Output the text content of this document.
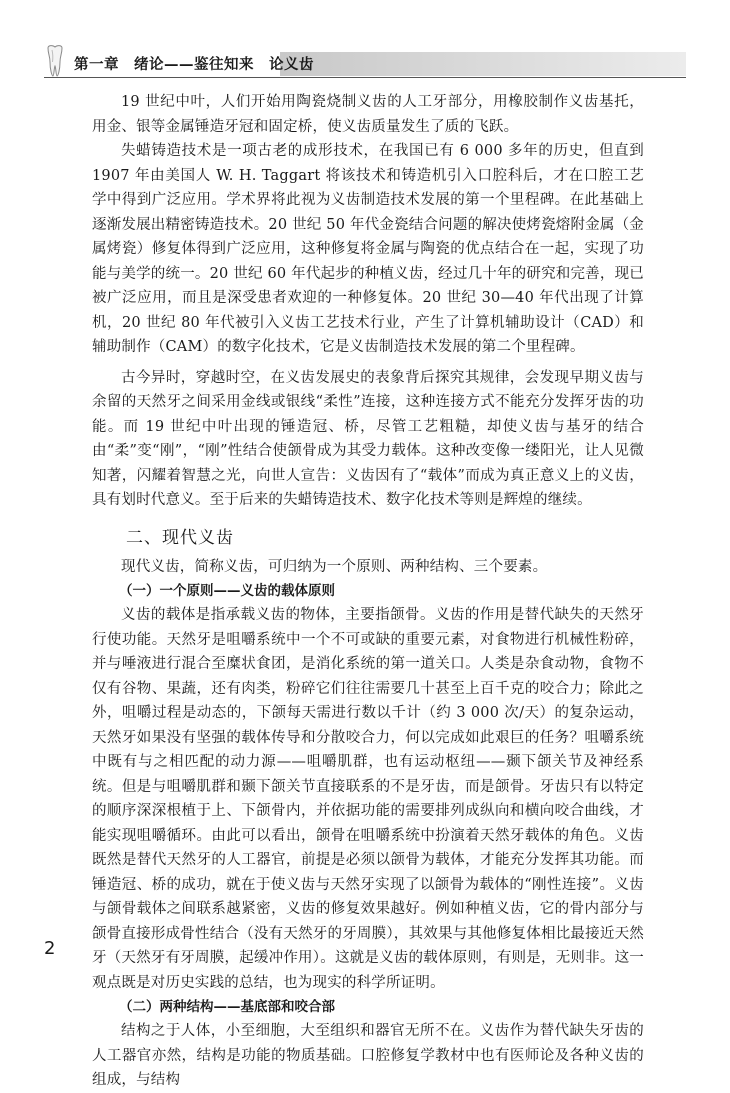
第一章　绪论——鉴往知来　论义齿

19 世纪中叶，人们开始用陶瓷烧制义齿的人工牙部分，用橡胶制作义齿基托，用金、银等金属锤造牙冠和固定桥，使义齿质量发生了质的飞跃。

失蜡铸造技术是一项古老的成形技术，在我国已有 6 000 多年的历史，但直到 1907 年由美国人 W. H. Taggart 将该技术和铸造机引入口腔科后，才在口腔工艺学中得到广泛应用。学术界将此视为义齿制造技术发展的第一个里程碑。在此基础上逐渐发展出精密铸造技术。20 世纪 50 年代金瓷结合问题的解决使烤瓷熔附金属（金属烤瓷）修复体得到广泛应用，这种修复将金属与陶瓷的优点结合在一起，实现了功能与美学的统一。20 世纪 60 年代起步的种植义齿，经过几十年的研究和完善，现已被广泛应用，而且是深受患者欢迎的一种修复体。20 世纪 30—40 年代出现了计算机，20 世纪 80 年代被引入义齿工艺技术行业，产生了计算机辅助设计（CAD）和辅助制作（CAM）的数字化技术，它是义齿制造技术发展的第二个里程碑。

古今异时，穿越时空，在义齿发展史的表象背后探究其规律，会发现早期义齿与余留的天然牙之间采用金线或银线“柔性”连接，这种连接方式不能充分发挥牙齿的功能。而 19 世纪中叶出现的锤造冠、桥，尽管工艺粗糙，却使义齿与基牙的结合由“柔”变“刚”，“刚”性结合使颌骨成为其受力载体。这种改变像一缕阳光，让人见微知著，闪耀着智慧之光，向世人宣告：义齿因有了“载体”而成为真正意义上的义齿，具有划时代意义。至于后来的失蜡铸造技术、数字化技术等则是辉煌的继续。

二、现代义齿

现代义齿，简称义齿，可归纳为一个原则、两种结构、三个要素。

（一）一个原则——义齿的载体原则

义齿的载体是指承载义齿的物体，主要指颌骨。义齿的作用是替代缺失的天然牙行使功能。天然牙是咀嚼系统中一个不可或缺的重要元素，对食物进行机械性粉碎，并与唾液进行混合至糜状食团，是消化系统的第一道关口。人类是杂食动物，食物不仅有谷物、果蔬，还有肉类，粉碎它们往往需要几十甚至上百千克的咬合力；除此之外，咀嚼过程是动态的，下颌每天需进行数以千计（约 3 000 次/天）的复杂运动，天然牙如果没有坚强的载体传导和分散咬合力，何以完成如此艰巨的任务？咀嚼系统中既有与之相匹配的动力源——咀嚼肌群，也有运动枢纽——颞下颌关节及神经系统。但是与咀嚼肌群和颞下颌关节直接联系的不是牙齿，而是颌骨。牙齿只有以特定的顺序深深根植于上、下颌骨内，并依据功能的需要排列成纵向和横向咬合曲线，才能实现咀嚼循环。由此可以看出，颌骨在咀嚼系统中扮演着天然牙载体的角色。义齿既然是替代天然牙的人工器官，前提是必须以颌骨为载体，才能充分发挥其功能。而锤造冠、桥的成功，就在于使义齿与天然牙实现了以颌骨为载体的“刚性连接”。义齿与颌骨载体之间联系越紧密，义齿的修复效果越好。例如种植义齿，它的骨内部分与颌骨直接形成骨性结合（没有天然牙的牙周膜），其效果与其他修复体相比最接近天然牙（天然牙有牙周膜，起缓冲作用）。这就是义齿的载体原则，有则是，无则非。这一观点既是对历史实践的总结，也为现实的科学所证明。

（二）两种结构——基底部和咬合部

结构之于人体，小至细胞，大至组织和器官无所不在。义齿作为替代缺失牙齿的人工器官亦然，结构是功能的物质基础。口腔修复学教材中也有医师论及各种义齿的组成，与结构

2
